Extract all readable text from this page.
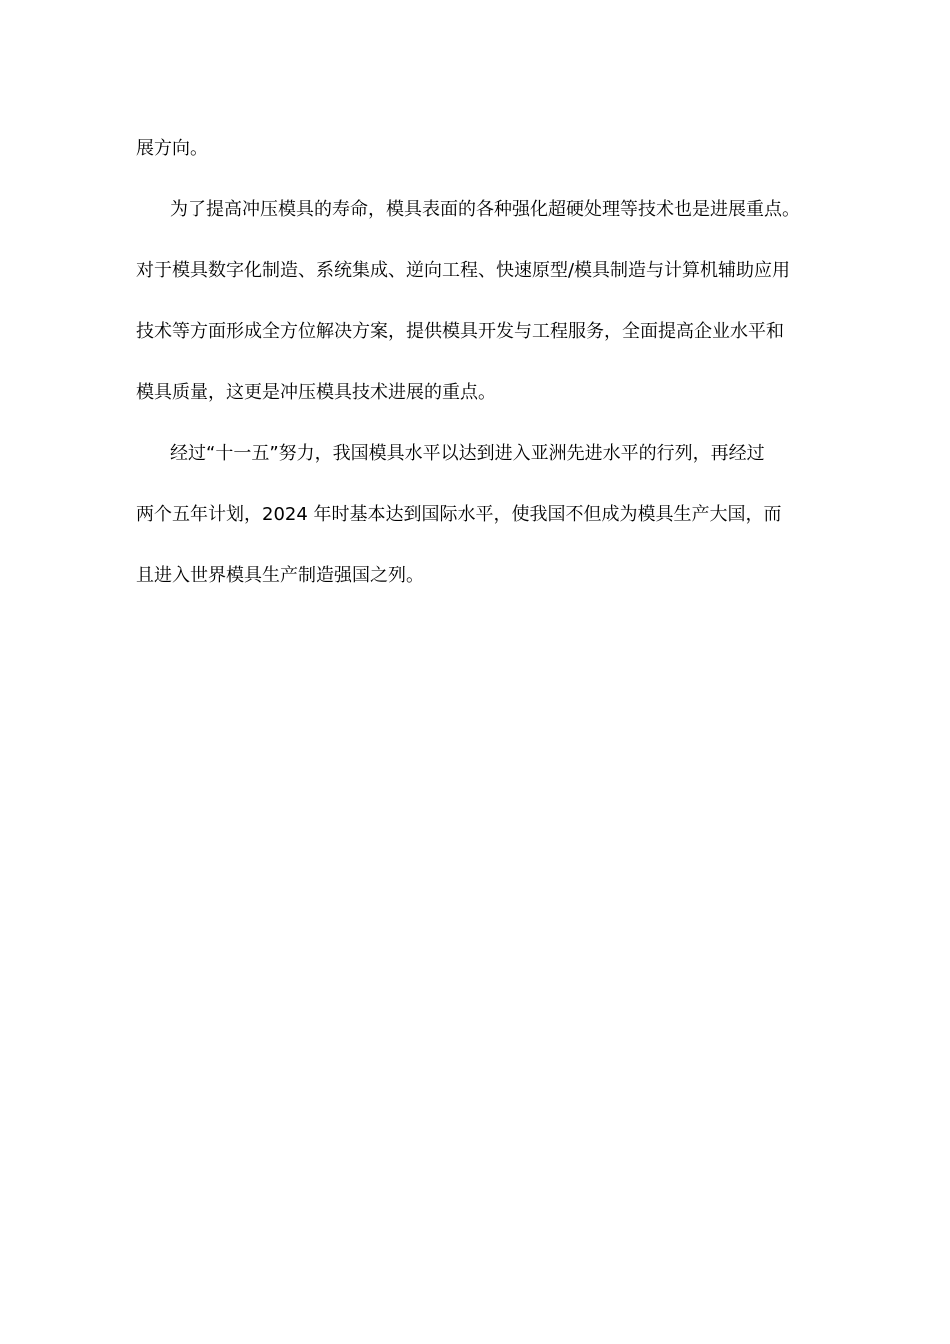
展方向。
为了提高冲压模具的寿命，模具表面的各种强化超硬处理等技术也是进展重点。
对于模具数字化制造、系统集成、逆向工程、快速原型/模具制造与计算机辅助应用
技术等方面形成全方位解决方案，提供模具开发与工程服务，全面提高企业水平和
模具质量，这更是冲压模具技术进展的重点。
经过“十一五”努力，我国模具水平以达到进入亚洲先进水平的行列，再经过
两个五年计划，2024 年时基本达到国际水平，使我国不但成为模具生产大国，而
且进入世界模具生产制造强国之列。
